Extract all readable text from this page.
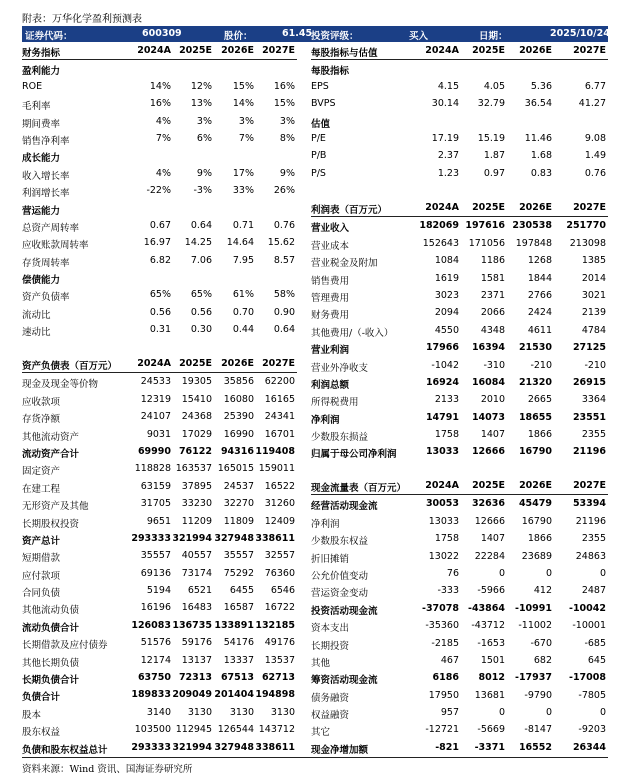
附表：万华化学盈利预测表
证券代码：	600309	股价：	61.45
投资评级：	买入	日期：	2025/10/24
财务指标	2024A 2025E 2026E 2027E
盈利能力
ROE	14%	12%	15%	16%
毛利率	16%	13%	14%	15%
期间费率	4%	3%	3%	3%
销售净利率	7%	6%	7%	8%
成长能力
收入增长率	4%	9%	17%	9%
利润增长率	-22%	-3%	33%	26%
营运能力
总资产周转率	0.67	0.64	0.71	0.76
应收账款周转率	16.97	14.25	14.64	15.62
存货周转率	6.82	7.06	7.95	8.57
偿债能力
资产负债率	65%	65%	61%	58%
流动比	0.56	0.56	0.70	0.90
速动比	0.31	0.30	0.44	0.64
资产负债表（百万元）	2024A 2025E 2026E 2027E
现金及现金等价物	24533	19305	35856	62200
应收款项	12319	15410	16080	16165
存货净额	24107	24368	25390	24341
其他流动资产	9031	17029	16990	16701
流动资产合计	69990 76122 94316 119408
固定资产	118828 163537 165015 159011
在建工程	63159	37895	24537	16522
无形资产及其他	31705	33230	32270	31260
长期股权投资	9651	11209	11809	12409
资产总计	293333 321994 327948 338611
短期借款	35557	40557	35557	32557
应付款项	69136	73174	75292	76360
合同负债	5194	6521	6455	6546
其他流动负债	16196	16483	16587	16722
流动负债合计	126083 136735 133891 132185
长期借款及应付债券	51576	59176	54176	49176
其他长期负债	12174	13137	13337	13537
长期负债合计	63750 72313 67513 62713
负债合计	189833 209049 201404 194898
股本	3140	3130	3130	3130
股东权益	103500 112945 126544 143712
负债和股东权益总计	293333 321994 327948 338611
每股指标与估值	2024A	2025E	2026E	2027E
每股指标
EPS	4.15	4.05	5.36	6.77
BVPS	30.14	32.79	36.54	41.27
估值
P/E	17.19	15.19	11.46	9.08
P/B	2.37	1.87	1.68	1.49
P/S	1.23	0.97	0.83	0.76
利润表（百万元）	2024A	2025E	2026E	2027E
营业收入	182069 197616 230538	251770
营业成本	152643	171056	197848	213098
营业税金及附加	1084	1186	1268	1385
销售费用	1619	1581	1844	2014
管理费用	3023	2371	2766	3021
财务费用	2094	2066	2424	2139
其他费用/（-收入）	4550	4348	4611	4784
营业利润	17966	16394	21530	27125
营业外净收支	-1042	-310	-210	-210
利润总额	16924	16084	21320	26915
所得税费用	2133	2010	2665	3364
净利润	14791	14073	18655	23551
少数股东损益	1758	1407	1866	2355
归属于母公司净利润	13033	12666	16790	21196
现金流量表（百万元）	2024A	2025E	2026E	2027E
经营活动现金流	30053	32636	45479	53394
净利润	13033	12666	16790	21196
少数股东权益	1758	1407	1866	2355
折旧摊销	13022	22284	23689	24863
公允价值变动	76	0	0	0
营运资金变动	-333	-5966	412	2487
投资活动现金流	-37078 -43864	-10991	-10042
资本支出	-35360	-43712	-11002	-10001
长期投资	-2185	-1653	-670	-685
其他	467	1501	682	645
筹资活动现金流	6186	8012	-17937	-17008
债务融资	17950	13681	-9790	-7805
权益融资	957	0	0	0
其它	-12721	-5669	-8147	-9203
现金净增加额	-821	-3371	16552	26344
资料来源：Wind 资讯、国海证券研究所
